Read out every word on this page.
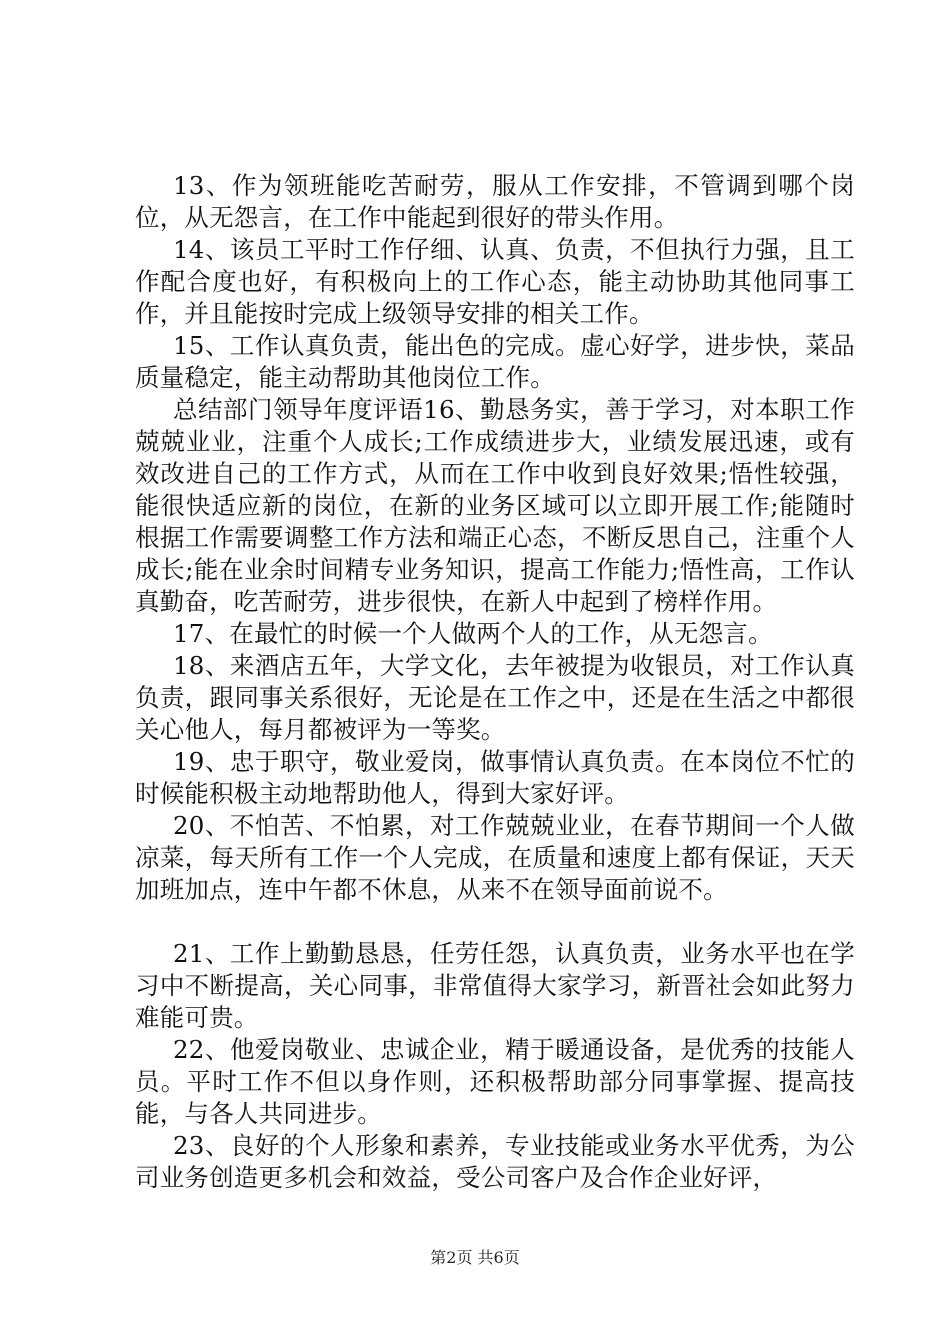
13、作为领班能吃苦耐劳，服从工作安排，不管调到哪个岗位，从无怨言，在工作中能起到很好的带头作用。

14、该员工平时工作仔细、认真、负责，不但执行力强，且工作配合度也好，有积极向上的工作心态，能主动协助其他同事工作，并且能按时完成上级领导安排的相关工作。

15、工作认真负责，能出色的完成。虚心好学，进步快，菜品质量稳定，能主动帮助其他岗位工作。

总结部门领导年度评语16、勤恳务实，善于学习，对本职工作兢兢业业，注重个人成长;工作成绩进步大，业绩发展迅速，或有效改进自己的工作方式，从而在工作中收到良好效果;悟性较强，能很快适应新的岗位，在新的业务区域可以立即开展工作;能随时根据工作需要调整工作方法和端正心态，不断反思自己，注重个人成长;能在业余时间精专业务知识，提高工作能力;悟性高，工作认真勤奋，吃苦耐劳，进步很快，在新人中起到了榜样作用。

17、在最忙的时候一个人做两个人的工作，从无怨言。

18、来酒店五年，大学文化，去年被提为收银员，对工作认真负责，跟同事关系很好，无论是在工作之中，还是在生活之中都很关心他人，每月都被评为一等奖。

19、忠于职守，敬业爱岗，做事情认真负责。在本岗位不忙的时候能积极主动地帮助他人，得到大家好评。

20、不怕苦、不怕累，对工作兢兢业业，在春节期间一个人做凉菜，每天所有工作一个人完成，在质量和速度上都有保证，天天加班加点，连中午都不休息，从来不在领导面前说不。

21、工作上勤勤恳恳，任劳任怨，认真负责，业务水平也在学习中不断提高，关心同事，非常值得大家学习，新晋社会如此努力难能可贵。

22、他爱岗敬业、忠诚企业，精于暖通设备，是优秀的技能人员。平时工作不但以身作则，还积极帮助部分同事掌握、提高技能，与各人共同进步。

23、良好的个人形象和素养，专业技能或业务水平优秀，为公司业务创造更多机会和效益，受公司客户及合作企业好评，

第2页 共6页
